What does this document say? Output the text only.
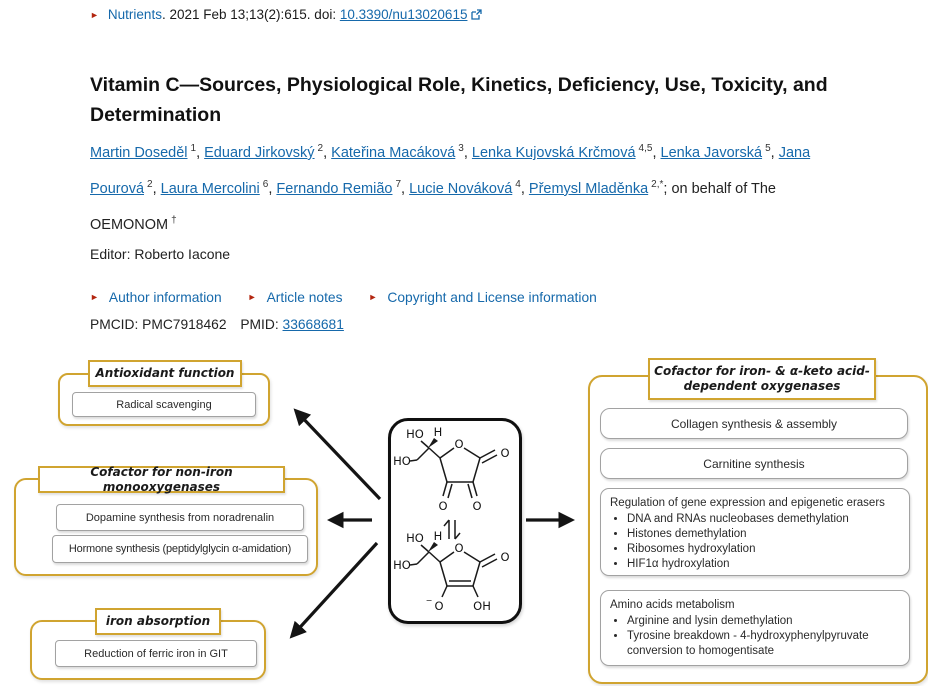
► Nutrients. 2021 Feb 13;13(2):615. doi: 10.3390/nu13020615
Vitamin C—Sources, Physiological Role, Kinetics, Deficiency, Use, Toxicity, and Determination
Martin Doseděl $^1$, Eduard Jirkovský $^2$, Kateřina Macáková $^3$, Lenka Kujovská Krčmová $^{4,5}$, Lenka Javorská $^5$, Jana Pourová $^2$, Laura Mercolini $^6$, Fernando Remião $^7$, Lucie Nováková $^4$, Přemysl Mladěnka $^{2,*}$; on behalf of The OEMONOM †
Editor: Roberto Iacone
► Author information	► Article notes	► Copyright and License information
PMCID: PMC7918462 PMID: 33668681
Antioxidant function
Radical scavenging
Cofactor for non-iron monooxygenases
Dopamine synthesis from noradrenalin
Hormone synthesis (peptidylglycin α-amidation)
iron absorption
Reduction of ferric iron in GIT
Cofactor for iron- & α-keto acid-dependent oxygenases
Collagen synthesis & assembly
Carnitine synthesis
Regulation of gene expression and epigenetic erasers
• DNA and RNAs nucleobases demethylation
• Histones demethylation
• Ribosomes hydroxylation
• HIF1α hydroxylation
Amino acids metabolism
• Arginine and lysin demethylation
• Tyrosine breakdown - 4-hydroxyphenylpyruvate conversion to homogentisate
HO H
HO
O
O
O
O
HO H
HO
O
O
OH
O
−
